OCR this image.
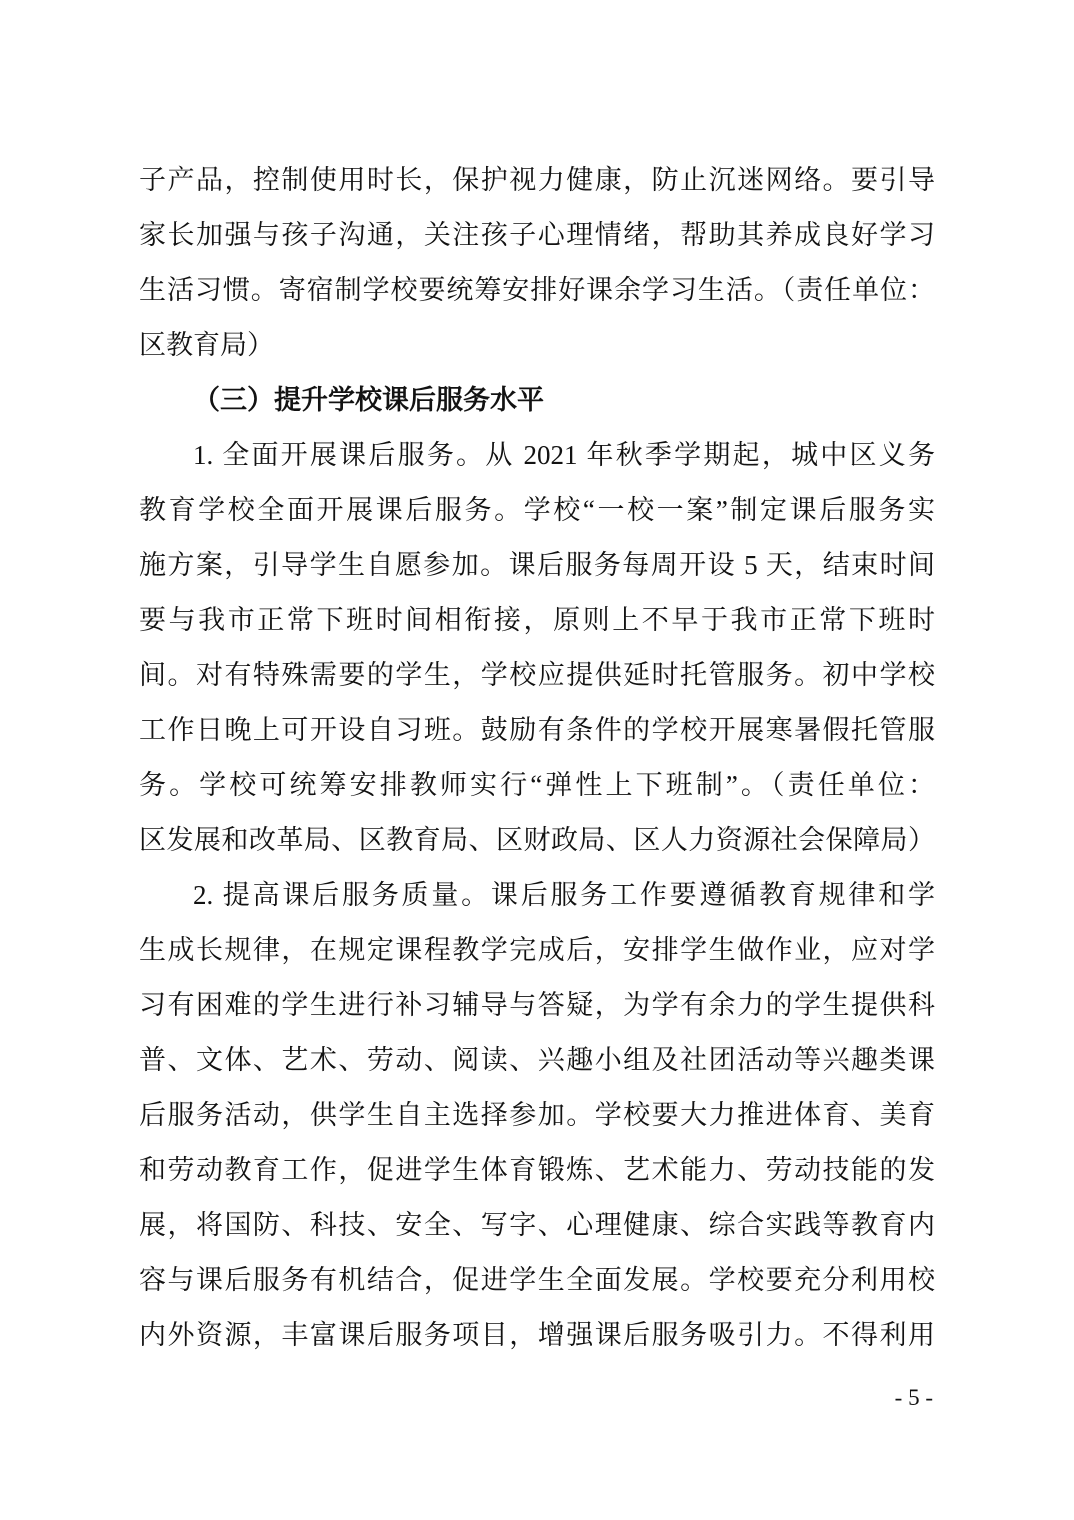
子产品，控制使用时长，保护视力健康，防止沉迷网络。要引导
家长加强与孩子沟通，关注孩子心理情绪，帮助其养成良好学习
生活习惯。寄宿制学校要统筹安排好课余学习生活。（责任单位：
区教育局）
（三）提升学校课后服务水平
1. 全面开展课后服务。从 2021 年秋季学期起，城中区义务
教育学校全面开展课后服务。学校“一校一案”制定课后服务实
施方案，引导学生自愿参加。课后服务每周开设 5 天，结束时间
要与我市正常下班时间相衔接，原则上不早于我市正常下班时
间。对有特殊需要的学生，学校应提供延时托管服务。初中学校
工作日晚上可开设自习班。鼓励有条件的学校开展寒暑假托管服
务。学校可统筹安排教师实行“弹性上下班制”。（责任单位：
区发展和改革局、区教育局、区财政局、区人力资源社会保障局）
2. 提高课后服务质量。课后服务工作要遵循教育规律和学
生成长规律，在规定课程教学完成后，安排学生做作业，应对学
习有困难的学生进行补习辅导与答疑，为学有余力的学生提供科
普、文体、艺术、劳动、阅读、兴趣小组及社团活动等兴趣类课
后服务活动，供学生自主选择参加。学校要大力推进体育、美育
和劳动教育工作，促进学生体育锻炼、艺术能力、劳动技能的发
展，将国防、科技、安全、写字、心理健康、综合实践等教育内
容与课后服务有机结合，促进学生全面发展。学校要充分利用校
内外资源，丰富课后服务项目，增强课后服务吸引力。不得利用
- 5 -
